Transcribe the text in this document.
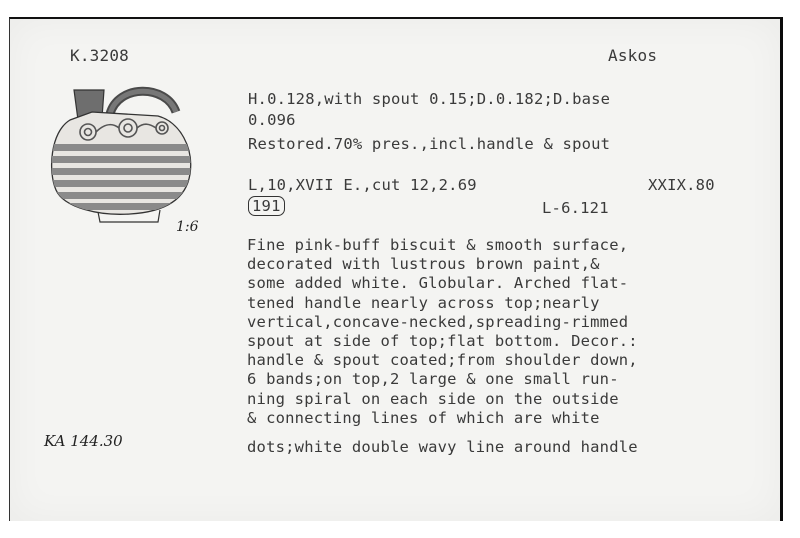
K.3208	Askos
1:6
H.0.128,with spout 0.15;D.0.182;D.base
0.096
Restored.70% pres.,incl.handle & spout
L,10,XVII E.,cut 12,2.69	XXIX.80
191	L-6.121
Fine pink-buff biscuit & smooth surface,
decorated with lustrous brown paint,&
some added white. Globular. Arched flat-
tened handle nearly across top;nearly
vertical,concave-necked,spreading-rimmed
spout at side of top;flat bottom. Decor.:
handle & spout coated;from shoulder down,
6 bands;on top,2 large & one small run-
ning spiral on each side on the outside
& connecting lines of which are white
dots;white double wavy line around handle
KA 144.30
